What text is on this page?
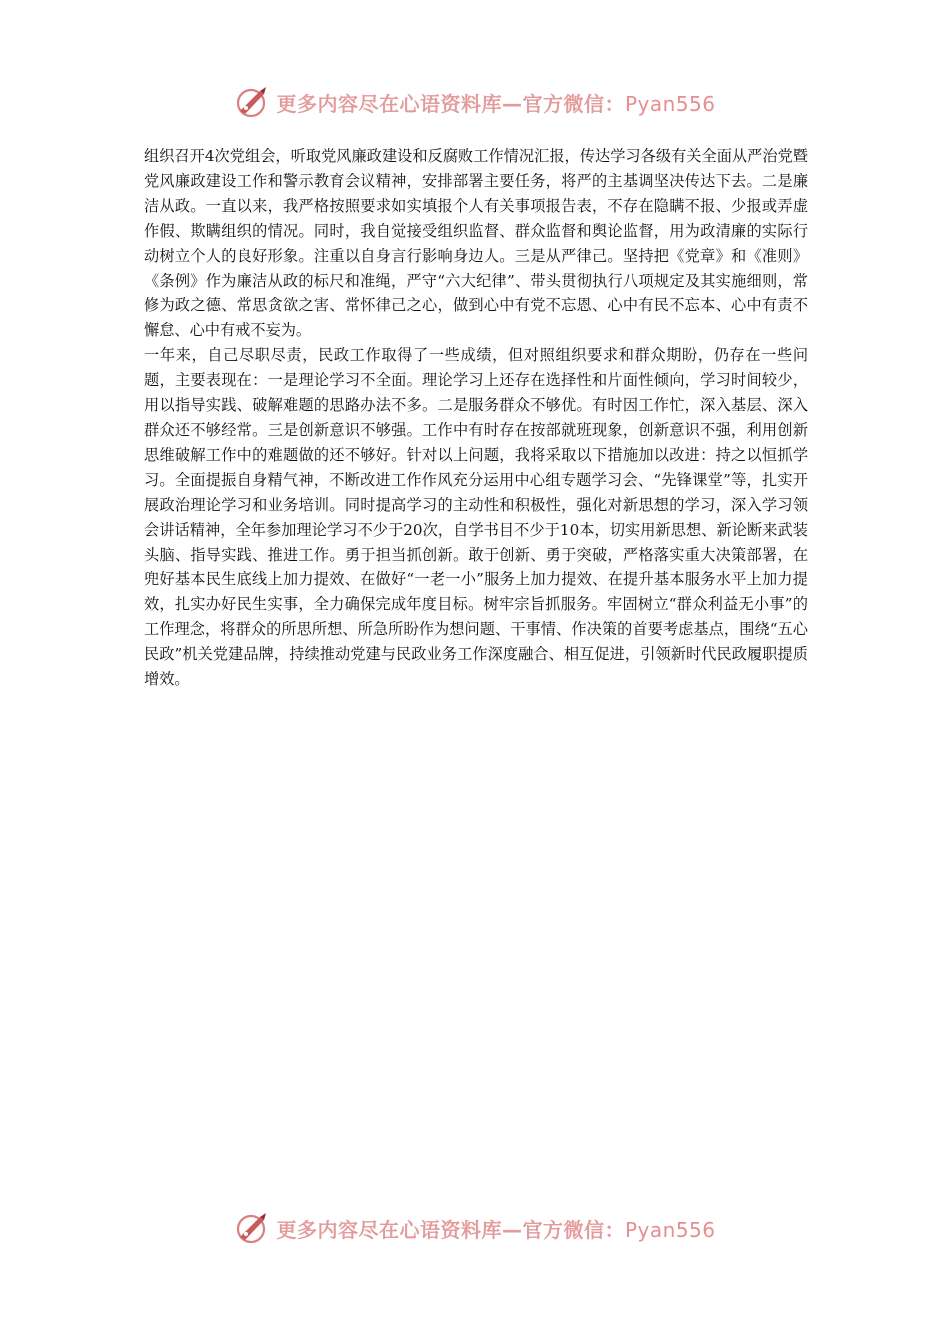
更多内容尽在心语资料库—官方微信：Pyan556

组织召开4次党组会，听取党风廉政建设和反腐败工作情况汇报，传达学习各级有关全面从严治党暨党风廉政建设工作和警示教育会议精神，安排部署主要任务，将严的主基调坚决传达下去。二是廉洁从政。一直以来，我严格按照要求如实填报个人有关事项报告表，不存在隐瞒不报、少报或弄虚作假、欺瞒组织的情况。同时，我自觉接受组织监督、群众监督和舆论监督，用为政清廉的实际行动树立个人的良好形象。注重以自身言行影响身边人。三是从严律己。坚持把《党章》和《准则》《条例》作为廉洁从政的标尺和准绳，严守“六大纪律”、带头贯彻执行八项规定及其实施细则，常修为政之德、常思贪欲之害、常怀律己之心，做到心中有党不忘恩、心中有民不忘本、心中有责不懈怠、心中有戒不妄为。

一年来，自己尽职尽责，民政工作取得了一些成绩，但对照组织要求和群众期盼，仍存在一些问题，主要表现在：一是理论学习不全面。理论学习上还存在选择性和片面性倾向，学习时间较少，用以指导实践、破解难题的思路办法不多。二是服务群众不够优。有时因工作忙，深入基层、深入群众还不够经常。三是创新意识不够强。工作中有时存在按部就班现象，创新意识不强，利用创新思维破解工作中的难题做的还不够好。针对以上问题，我将采取以下措施加以改进：持之以恒抓学习。全面提振自身精气神，不断改进工作作风充分运用中心组专题学习会、“先锋课堂”等，扎实开展政治理论学习和业务培训。同时提高学习的主动性和积极性，强化对新思想的学习，深入学习领会讲话精神，全年参加理论学习不少于20次，自学书目不少于10本，切实用新思想、新论断来武装头脑、指导实践、推进工作。勇于担当抓创新。敢于创新、勇于突破，严格落实重大决策部署，在兜好基本民生底线上加力提效、在做好“一老一小”服务上加力提效、在提升基本服务水平上加力提效，扎实办好民生实事，全力确保完成年度目标。树牢宗旨抓服务。牢固树立“群众利益无小事”的工作理念，将群众的所思所想、所急所盼作为想问题、干事情、作决策的首要考虑基点，围绕“五心民政”机关党建品牌，持续推动党建与民政业务工作深度融合、相互促进，引领新时代民政履职提质增效。

更多内容尽在心语资料库—官方微信：Pyan556
